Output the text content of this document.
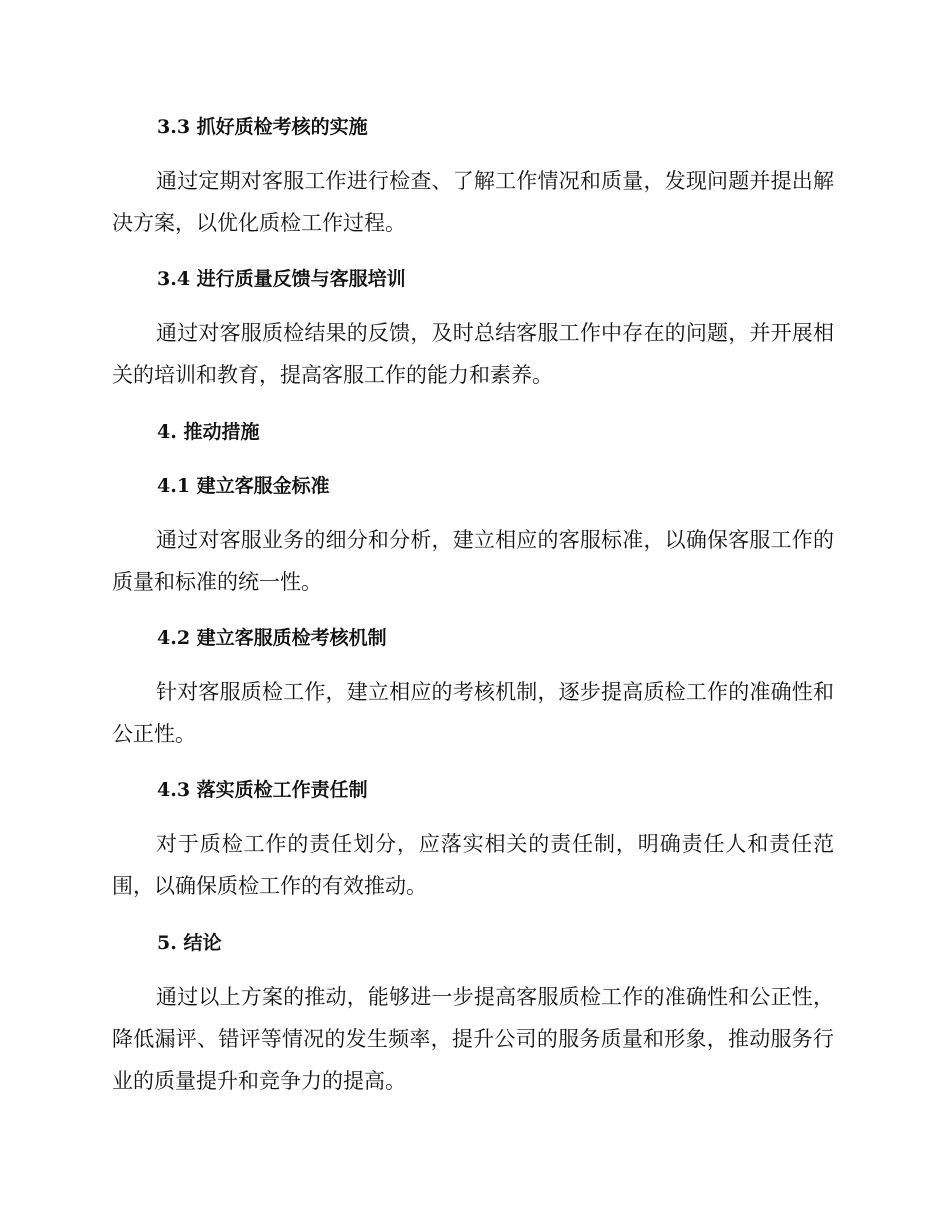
3.3 抓好质检考核的实施
通过定期对客服工作进行检查、了解工作情况和质量，发现问题并提出解决方案，以优化质检工作过程。
3.4 进行质量反馈与客服培训
通过对客服质检结果的反馈，及时总结客服工作中存在的问题，并开展相关的培训和教育，提高客服工作的能力和素养。
4. 推动措施
4.1 建立客服金标准
通过对客服业务的细分和分析，建立相应的客服标准，以确保客服工作的质量和标准的统一性。
4.2 建立客服质检考核机制
针对客服质检工作，建立相应的考核机制，逐步提高质检工作的准确性和公正性。
4.3 落实质检工作责任制
对于质检工作的责任划分，应落实相关的责任制，明确责任人和责任范围，以确保质检工作的有效推动。
5. 结论
通过以上方案的推动，能够进一步提高客服质检工作的准确性和公正性，降低漏评、错评等情况的发生频率，提升公司的服务质量和形象，推动服务行业的质量提升和竞争力的提高。
